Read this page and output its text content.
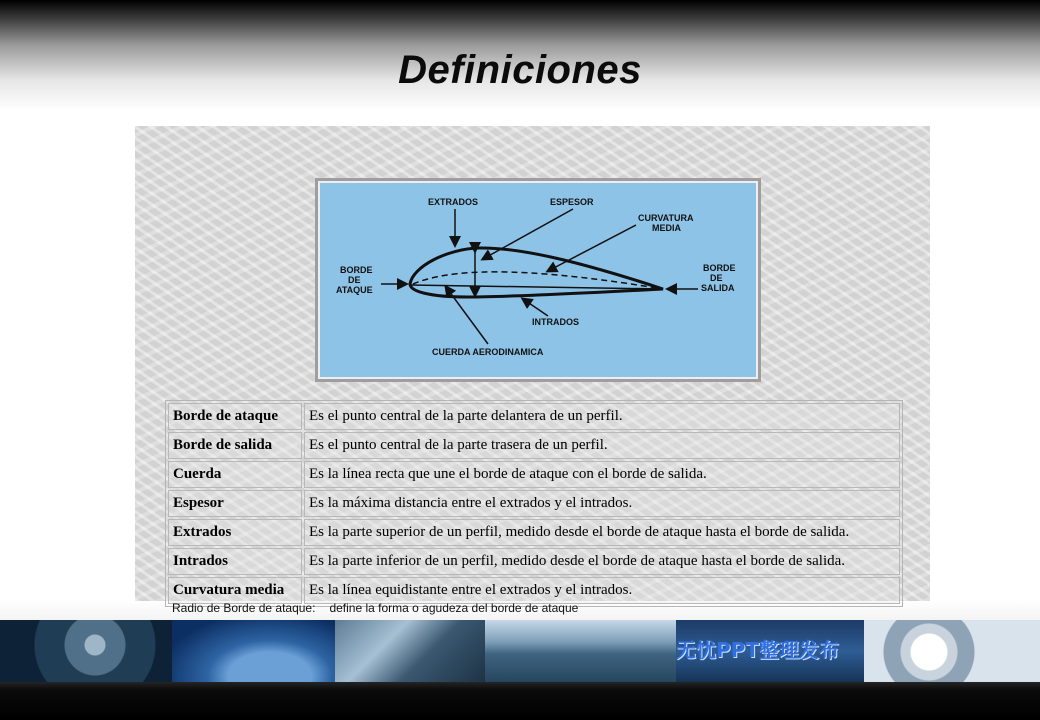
Definiciones
EXTRADOS	ESPESOR
CURVATURA
MEDIA
BORDE
DE
ATAQUE
BORDE
DE
SALIDA
INTRADOS
CUERDA AERODINAMICA
Borde de ataque	Es el punto central de la parte delantera de un perfil.
Borde de salida	Es el punto central de la parte trasera de un perfil.
Cuerda	Es la línea recta que une el borde de ataque con el borde de salida.
Espesor	Es la máxima distancia entre el extrados y el intrados.
Extrados	Es la parte superior de un perfil, medido desde el borde de ataque hasta el borde de salida.
Intrados	Es la parte inferior de un perfil, medido desde el borde de ataque hasta el borde de salida.
Curvatura media	Es la línea equidistante entre el extrados y el intrados.
Radio de Borde de ataque: define la forma o agudeza del borde de ataque
无忧PPT整理发布
